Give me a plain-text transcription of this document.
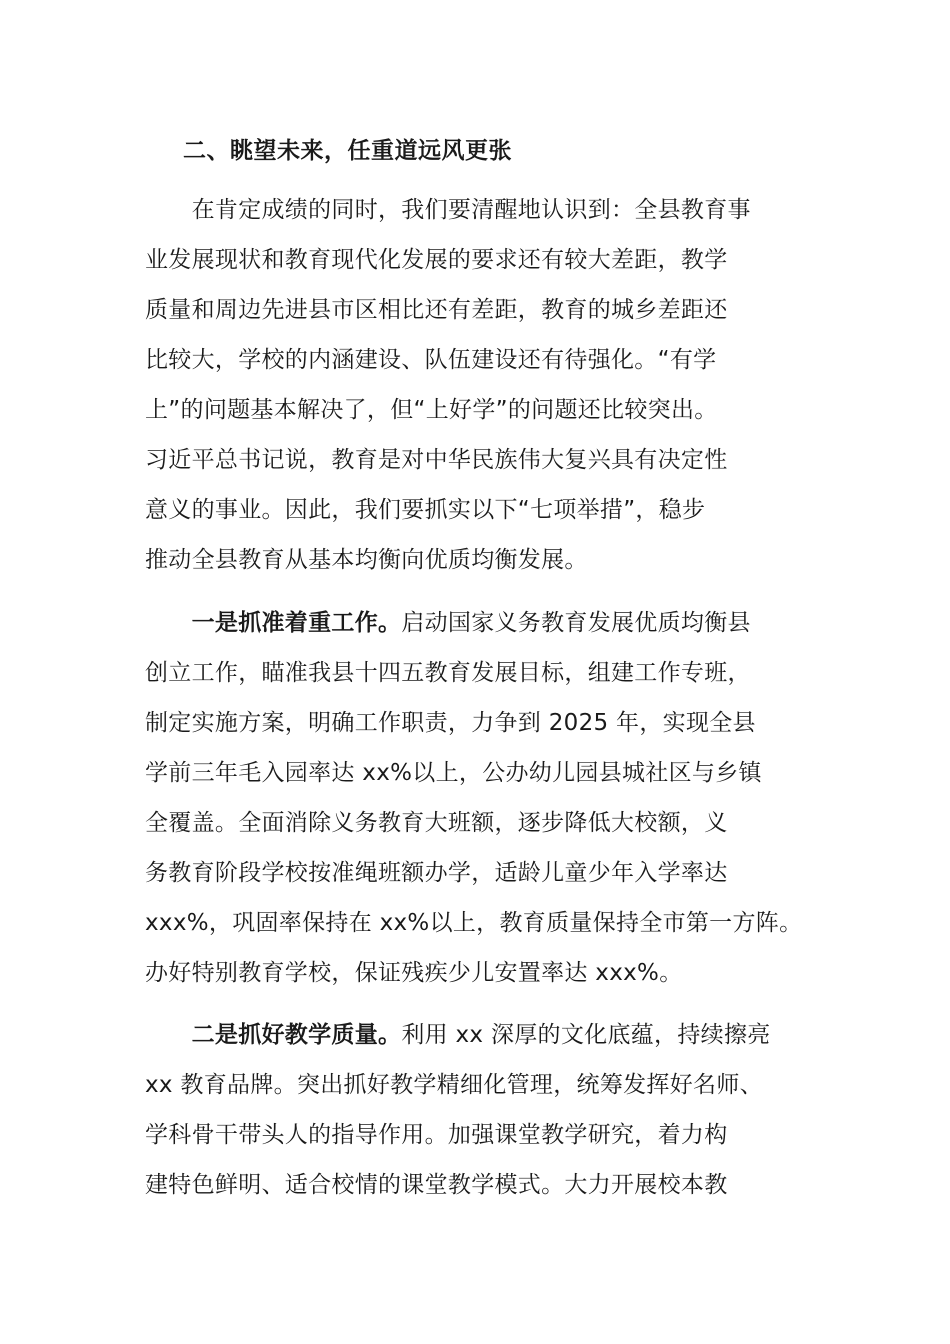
二、眺望未来，任重道远风更张
　　在肯定成绩的同时，我们要清醒地认识到：全县教育事
业发展现状和教育现代化发展的要求还有较大差距，教学
质量和周边先进县市区相比还有差距，教育的城乡差距还
比较大，学校的内涵建设、队伍建设还有待强化。“有学
上”的问题基本解决了，但“上好学”的问题还比较突出。
习近平总书记说，教育是对中华民族伟大复兴具有决定性
意义的事业。因此，我们要抓实以下“七项举措”，稳步
推动全县教育从基本均衡向优质均衡发展。
　　一是抓准着重工作。启动国家义务教育发展优质均衡县
创立工作，瞄准我县十四五教育发展目标，组建工作专班，
制定实施方案，明确工作职责，力争到 2025 年，实现全县
学前三年毛入园率达 xx%以上，公办幼儿园县城社区与乡镇
全覆盖。全面消除义务教育大班额，逐步降低大校额，义
务教育阶段学校按准绳班额办学，适龄儿童少年入学率达
xxx%，巩固率保持在 xx%以上，教育质量保持全市第一方阵。
办好特别教育学校，保证残疾少儿安置率达 xxx%。
　　二是抓好教学质量。利用 xx 深厚的文化底蕴，持续擦亮
xx 教育品牌。突出抓好教学精细化管理，统筹发挥好名师、
学科骨干带头人的指导作用。加强课堂教学研究，着力构
建特色鲜明、适合校情的课堂教学模式。大力开展校本教
